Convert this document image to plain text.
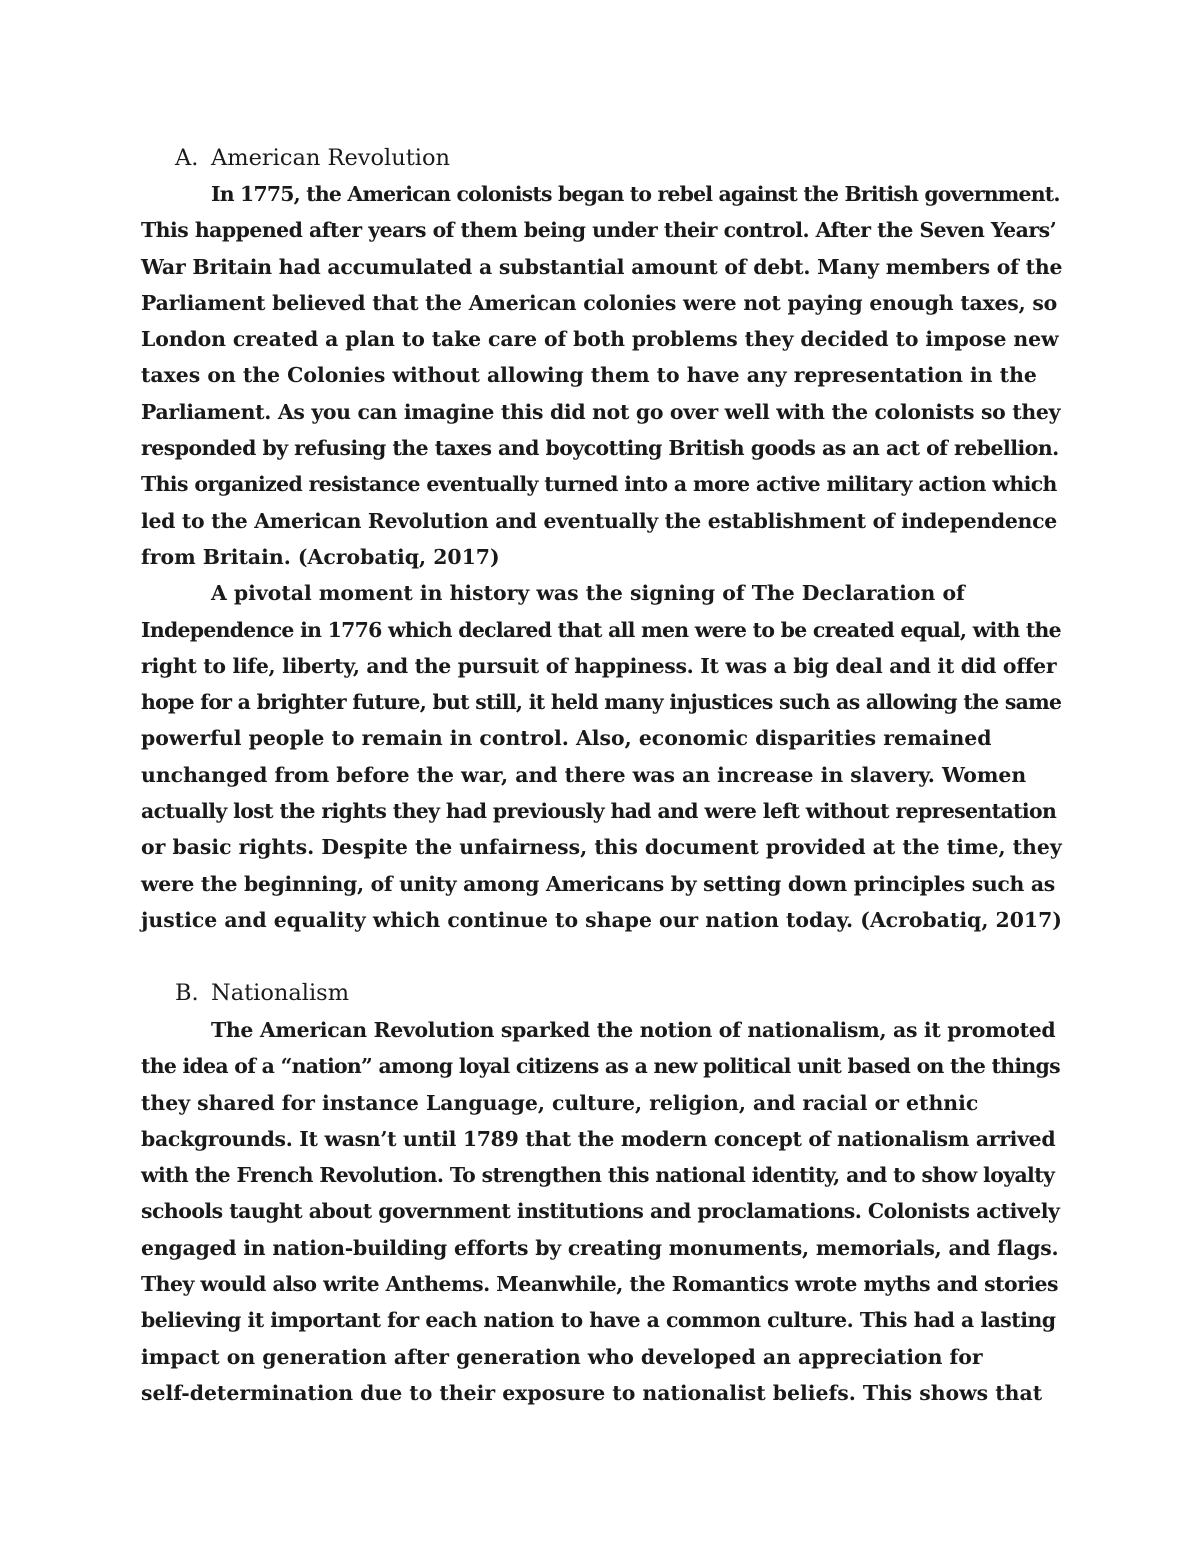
A. American Revolution
In 1775, the American colonists began to rebel against the British government.
This happened after years of them being under their control. After the Seven Years’
War Britain had accumulated a substantial amount of debt. Many members of the
Parliament believed that the American colonies were not paying enough taxes, so
London created a plan to take care of both problems they decided to impose new
taxes on the Colonies without allowing them to have any representation in the
Parliament. As you can imagine this did not go over well with the colonists so they
responded by refusing the taxes and boycotting British goods as an act of rebellion.
This organized resistance eventually turned into a more active military action which
led to the American Revolution and eventually the establishment of independence
from Britain. (Acrobatiq, 2017)
A pivotal moment in history was the signing of The Declaration of
Independence in 1776 which declared that all men were to be created equal, with the
right to life, liberty, and the pursuit of happiness. It was a big deal and it did offer
hope for a brighter future, but still, it held many injustices such as allowing the same
powerful people to remain in control. Also, economic disparities remained
unchanged from before the war, and there was an increase in slavery. Women
actually lost the rights they had previously had and were left without representation
or basic rights. Despite the unfairness, this document provided at the time, they
were the beginning, of unity among Americans by setting down principles such as
justice and equality which continue to shape our nation today. (Acrobatiq, 2017)
B. Nationalism
The American Revolution sparked the notion of nationalism, as it promoted
the idea of a “nation” among loyal citizens as a new political unit based on the things
they shared for instance Language, culture, religion, and racial or ethnic
backgrounds. It wasn’t until 1789 that the modern concept of nationalism arrived
with the French Revolution. To strengthen this national identity, and to show loyalty
schools taught about government institutions and proclamations. Colonists actively
engaged in nation-building efforts by creating monuments, memorials, and flags.
They would also write Anthems. Meanwhile, the Romantics wrote myths and stories
believing it important for each nation to have a common culture. This had a lasting
impact on generation after generation who developed an appreciation for
self-determination due to their exposure to nationalist beliefs. This shows that
